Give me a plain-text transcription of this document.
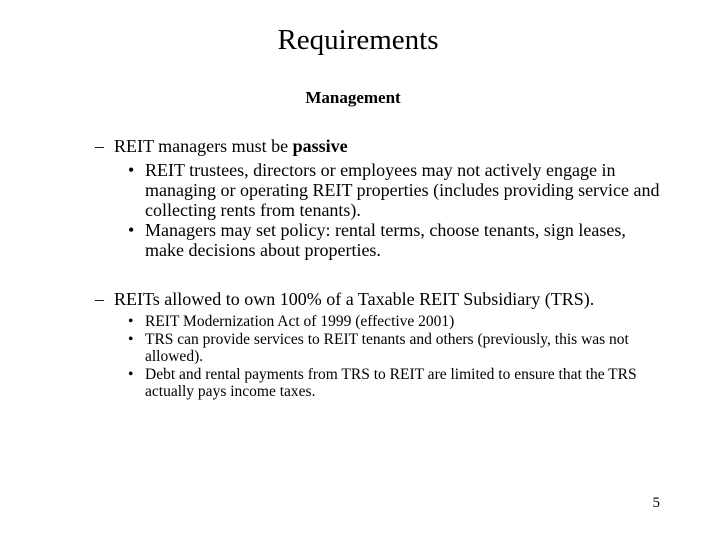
Requirements
Management
– REIT managers must be passive
• REIT trustees, directors or employees may not actively engage in managing or operating REIT properties (includes providing service and collecting rents from tenants).
• Managers may set policy: rental terms, choose tenants, sign leases, make decisions about properties.
– REITs allowed to own 100% of a Taxable REIT Subsidiary (TRS).
• REIT Modernization Act of 1999 (effective 2001)
• TRS can provide services to REIT tenants and others (previously, this was not allowed).
• Debt and rental payments from TRS to REIT are limited to ensure that the TRS actually pays income taxes.
5
